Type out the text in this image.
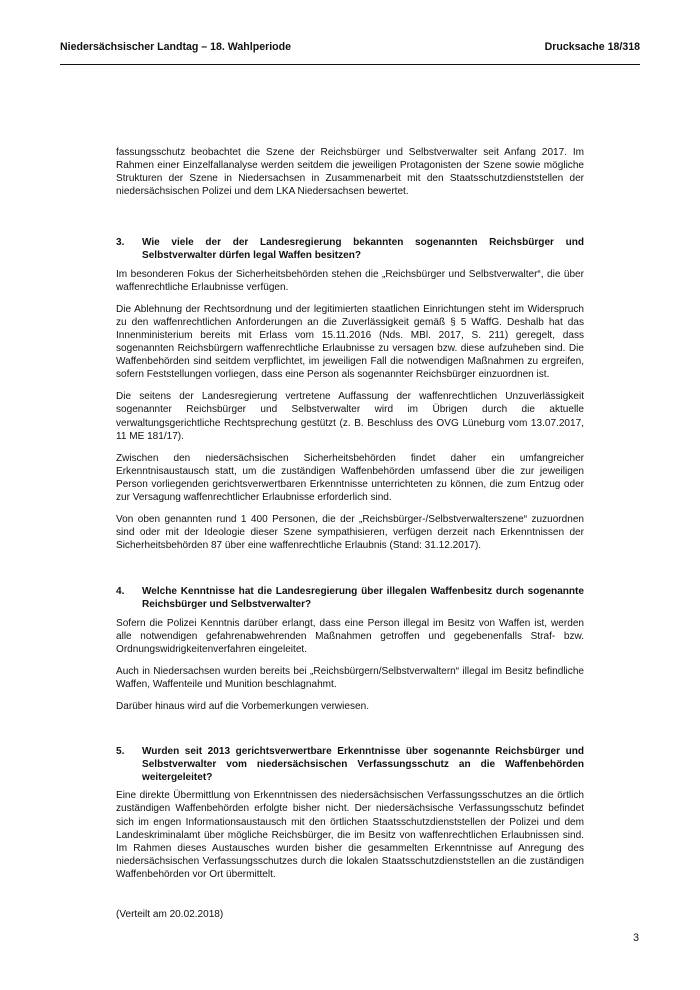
Niedersächsischer Landtag – 18. Wahlperiode	Drucksache 18/318

fassungsschutz beobachtet die Szene der Reichsbürger und Selbstverwalter seit Anfang 2017. Im Rahmen einer Einzelfallanalyse werden seitdem die jeweiligen Protagonisten der Szene sowie mögliche Strukturen der Szene in Niedersachsen in Zusammenarbeit mit den Staatsschutzdienststellen der niedersächsischen Polizei und dem LKA Niedersachsen bewertet.

3.	Wie viele der der Landesregierung bekannten sogenannten Reichsbürger und Selbstverwalter dürfen legal Waffen besitzen?

Im besonderen Fokus der Sicherheitsbehörden stehen die „Reichsbürger und Selbstverwalter“, die über waffenrechtliche Erlaubnisse verfügen.

Die Ablehnung der Rechtsordnung und der legitimierten staatlichen Einrichtungen steht im Widerspruch zu den waffenrechtlichen Anforderungen an die Zuverlässigkeit gemäß § 5 WaffG. Deshalb hat das Innenministerium bereits mit Erlass vom 15.11.2016 (Nds. MBl. 2017, S. 211) geregelt, dass sogenannten Reichsbürgern waffenrechtliche Erlaubnisse zu versagen bzw. diese aufzuheben sind. Die Waffenbehörden sind seitdem verpflichtet, im jeweiligen Fall die notwendigen Maßnahmen zu ergreifen, sofern Feststellungen vorliegen, dass eine Person als sogenannter Reichsbürger einzuordnen ist.

Die seitens der Landesregierung vertretene Auffassung der waffenrechtlichen Unzuverlässigkeit sogenannter Reichsbürger und Selbstverwalter wird im Übrigen durch die aktuelle verwaltungsgerichtliche Rechtsprechung gestützt (z. B. Beschluss des OVG Lüneburg vom 13.07.2017, 11 ME 181/17).

Zwischen den niedersächsischen Sicherheitsbehörden findet daher ein umfangreicher Erkenntnisaustausch statt, um die zuständigen Waffenbehörden umfassend über die zur jeweiligen Person vorliegenden gerichtsverwertbaren Erkenntnisse unterrichteten zu können, die zum Entzug oder zur Versagung waffenrechtlicher Erlaubnisse erforderlich sind.

Von oben genannten rund 1 400 Personen, die der „Reichsbürger-/Selbstverwalterszene“ zuzuordnen sind oder mit der Ideologie dieser Szene sympathisieren, verfügen derzeit nach Erkenntnissen der Sicherheitsbehörden 87 über eine waffenrechtliche Erlaubnis (Stand: 31.12.2017).

4.	Welche Kenntnisse hat die Landesregierung über illegalen Waffenbesitz durch sogenannte Reichsbürger und Selbstverwalter?

Sofern die Polizei Kenntnis darüber erlangt, dass eine Person illegal im Besitz von Waffen ist, werden alle notwendigen gefahrenabwehrenden Maßnahmen getroffen und gegebenenfalls Straf- bzw. Ordnungswidrigkeitenverfahren eingeleitet.

Auch in Niedersachsen wurden bereits bei „Reichsbürgern/Selbstverwaltern“ illegal im Besitz befindliche Waffen, Waffenteile und Munition beschlagnahmt.

Darüber hinaus wird auf die Vorbemerkungen verwiesen.

5.	Wurden seit 2013 gerichtsverwertbare Erkenntnisse über sogenannte Reichsbürger und Selbstverwalter vom niedersächsischen Verfassungsschutz an die Waffenbehörden weitergeleitet?

Eine direkte Übermittlung von Erkenntnissen des niedersächsischen Verfassungsschutzes an die örtlich zuständigen Waffenbehörden erfolgte bisher nicht. Der niedersächsische Verfassungsschutz befindet sich im engen Informationsaustausch mit den örtlichen Staatsschutzdienststellen der Polizei und dem Landeskriminalamt über mögliche Reichsbürger, die im Besitz von waffenrechtlichen Erlaubnissen sind. Im Rahmen dieses Austausches wurden bisher die gesammelten Erkenntnisse auf Anregung des niedersächsischen Verfassungsschutzes durch die lokalen Staatsschutzdienststellen an die zuständigen Waffenbehörden vor Ort übermittelt.

(Verteilt am 20.02.2018)
3
